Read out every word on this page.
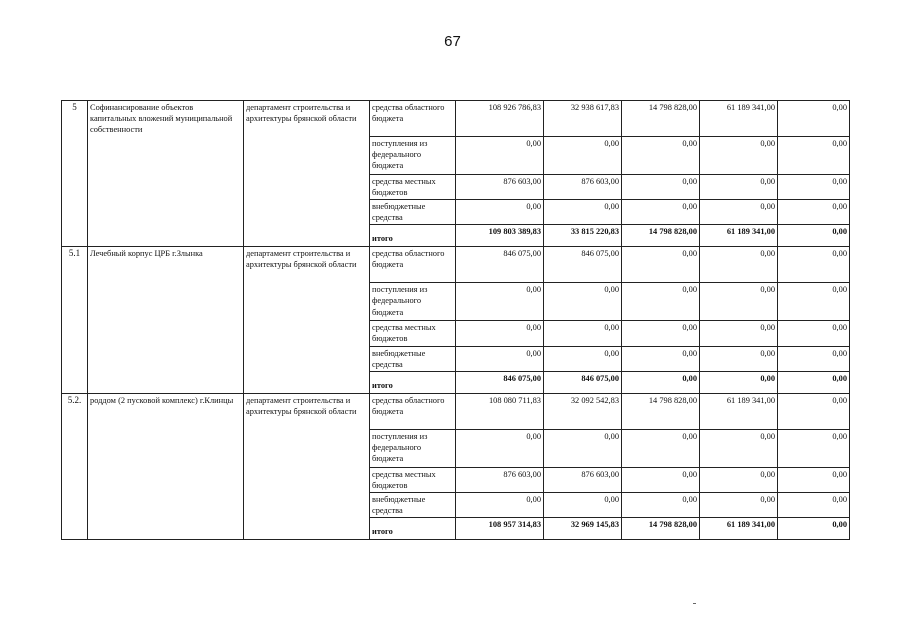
67
5	Софинансирование объектов капитальных вложений муниципальной собственности	департамент строительства и архитектуры брянской области	средства областного бюджета	108 926 786,83	32 938 617,83	14 798 828,00	61 189 341,00	0,00
			поступления из федерального бюджета	0,00	0,00	0,00	0,00	0,00
			средства местных бюджетов	876 603,00	876 603,00	0,00	0,00	0,00
			внебюджетные средства	0,00	0,00	0,00	0,00	0,00
			итого	109 803 389,83	33 815 220,83	14 798 828,00	61 189 341,00	0,00
5.1	Лечебный корпус ЦРБ г.Злынка	департамент строительства и архитектуры брянской области	средства областного бюджета	846 075,00	846 075,00	0,00	0,00	0,00
			поступления из федерального бюджета	0,00	0,00	0,00	0,00	0,00
			средства местных бюджетов	0,00	0,00	0,00	0,00	0,00
			внебюджетные средства	0,00	0,00	0,00	0,00	0,00
			итого	846 075,00	846 075,00	0,00	0,00	0,00
5.2.	роддом (2 пусковой комплекс) г.Клинцы	департамент строительства и архитектуры брянской области	средства областного бюджета	108 080 711,83	32 092 542,83	14 798 828,00	61 189 341,00	0,00
			поступления из федерального бюджета	0,00	0,00	0,00	0,00	0,00
			средства местных бюджетов	876 603,00	876 603,00	0,00	0,00	0,00
			внебюджетные средства	0,00	0,00	0,00	0,00	0,00
			итого	108 957 314,83	32 969 145,83	14 798 828,00	61 189 341,00	0,00
